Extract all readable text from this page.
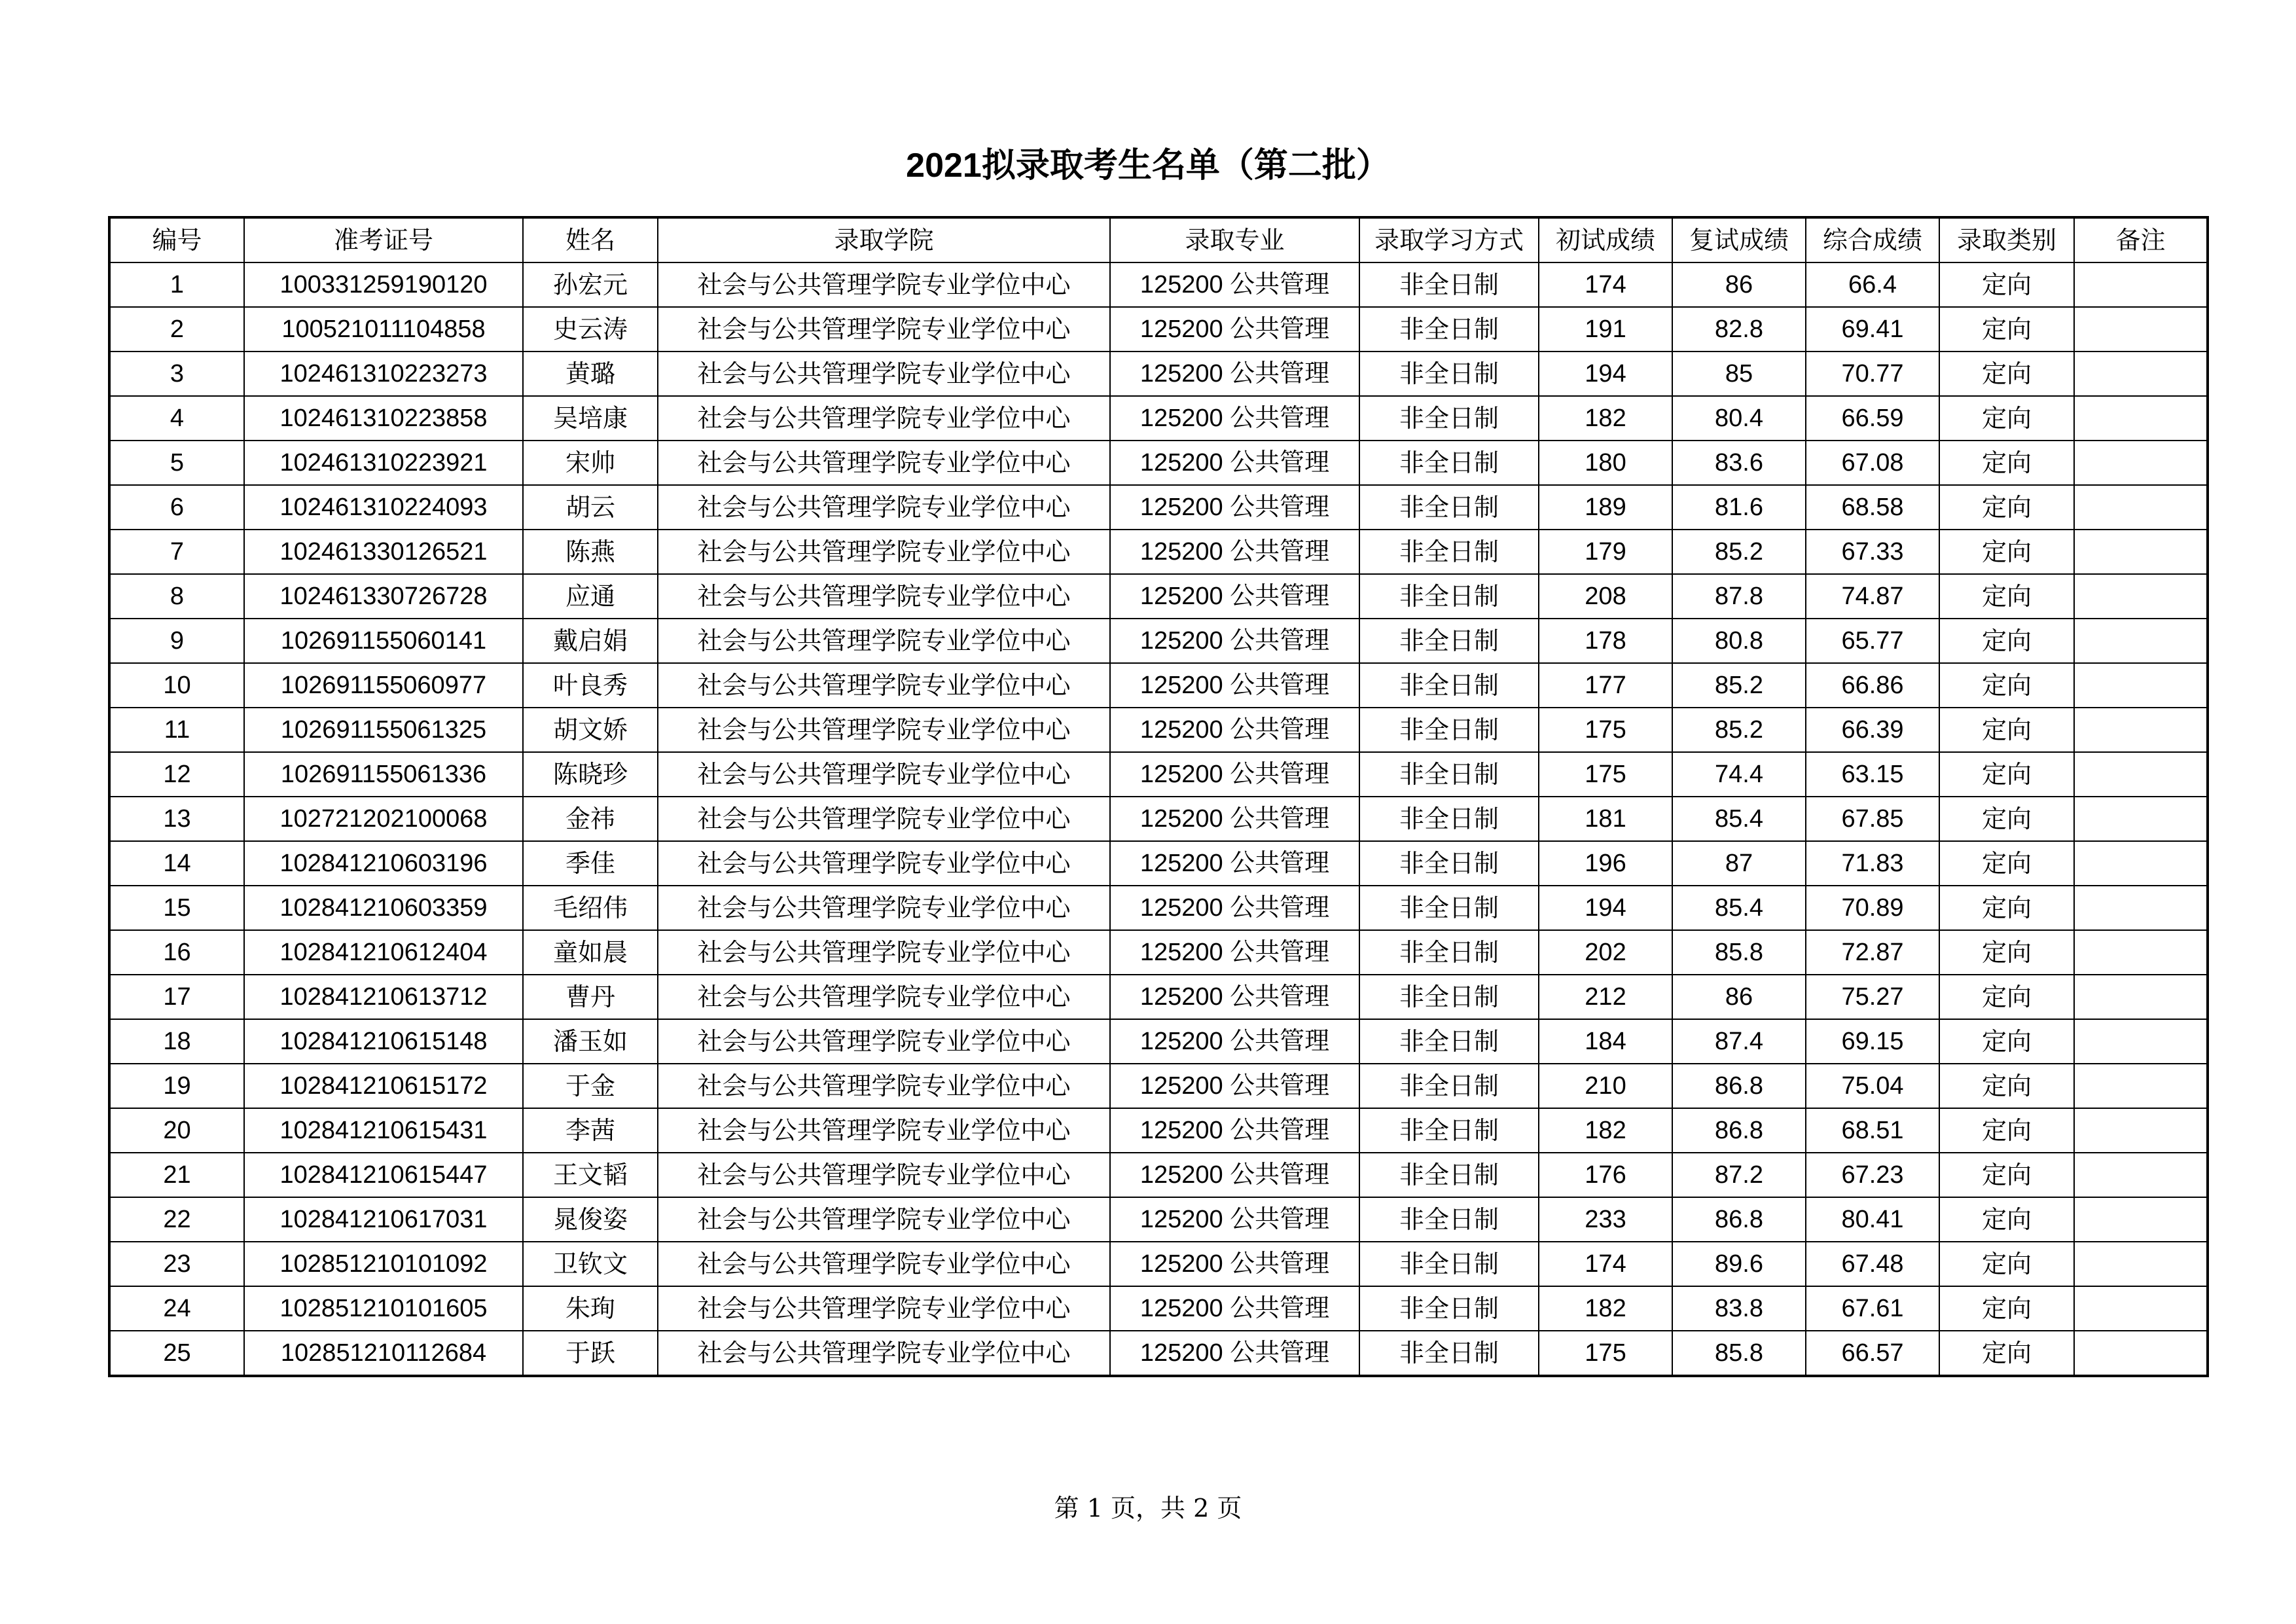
2021拟录取考生名单（第二批）
编号	准考证号	姓名	录取学院	录取专业	录取学习方式	初试成绩	复试成绩	综合成绩	录取类别	备注
1	100331259190120	孙宏元	社会与公共管理学院专业学位中心	125200 公共管理	非全日制	174	86	66.4	定向	
2	100521011104858	史云涛	社会与公共管理学院专业学位中心	125200 公共管理	非全日制	191	82.8	69.41	定向	
3	102461310223273	黄璐	社会与公共管理学院专业学位中心	125200 公共管理	非全日制	194	85	70.77	定向	
4	102461310223858	吴培康	社会与公共管理学院专业学位中心	125200 公共管理	非全日制	182	80.4	66.59	定向	
5	102461310223921	宋帅	社会与公共管理学院专业学位中心	125200 公共管理	非全日制	180	83.6	67.08	定向	
6	102461310224093	胡云	社会与公共管理学院专业学位中心	125200 公共管理	非全日制	189	81.6	68.58	定向	
7	102461330126521	陈燕	社会与公共管理学院专业学位中心	125200 公共管理	非全日制	179	85.2	67.33	定向	
8	102461330726728	应通	社会与公共管理学院专业学位中心	125200 公共管理	非全日制	208	87.8	74.87	定向	
9	102691155060141	戴启娟	社会与公共管理学院专业学位中心	125200 公共管理	非全日制	178	80.8	65.77	定向	
10	102691155060977	叶良秀	社会与公共管理学院专业学位中心	125200 公共管理	非全日制	177	85.2	66.86	定向	
11	102691155061325	胡文娇	社会与公共管理学院专业学位中心	125200 公共管理	非全日制	175	85.2	66.39	定向	
12	102691155061336	陈晓珍	社会与公共管理学院专业学位中心	125200 公共管理	非全日制	175	74.4	63.15	定向	
13	102721202100068	金祎	社会与公共管理学院专业学位中心	125200 公共管理	非全日制	181	85.4	67.85	定向	
14	102841210603196	季佳	社会与公共管理学院专业学位中心	125200 公共管理	非全日制	196	87	71.83	定向	
15	102841210603359	毛绍伟	社会与公共管理学院专业学位中心	125200 公共管理	非全日制	194	85.4	70.89	定向	
16	102841210612404	童如晨	社会与公共管理学院专业学位中心	125200 公共管理	非全日制	202	85.8	72.87	定向	
17	102841210613712	曹丹	社会与公共管理学院专业学位中心	125200 公共管理	非全日制	212	86	75.27	定向	
18	102841210615148	潘玉如	社会与公共管理学院专业学位中心	125200 公共管理	非全日制	184	87.4	69.15	定向	
19	102841210615172	于金	社会与公共管理学院专业学位中心	125200 公共管理	非全日制	210	86.8	75.04	定向	
20	102841210615431	李茜	社会与公共管理学院专业学位中心	125200 公共管理	非全日制	182	86.8	68.51	定向	
21	102841210615447	王文韬	社会与公共管理学院专业学位中心	125200 公共管理	非全日制	176	87.2	67.23	定向	
22	102841210617031	晁俊姿	社会与公共管理学院专业学位中心	125200 公共管理	非全日制	233	86.8	80.41	定向	
23	102851210101092	卫钦文	社会与公共管理学院专业学位中心	125200 公共管理	非全日制	174	89.6	67.48	定向	
24	102851210101605	朱珣	社会与公共管理学院专业学位中心	125200 公共管理	非全日制	182	83.8	67.61	定向	
25	102851210112684	于跃	社会与公共管理学院专业学位中心	125200 公共管理	非全日制	175	85.8	66.57	定向	
第 1 页，共 2 页
